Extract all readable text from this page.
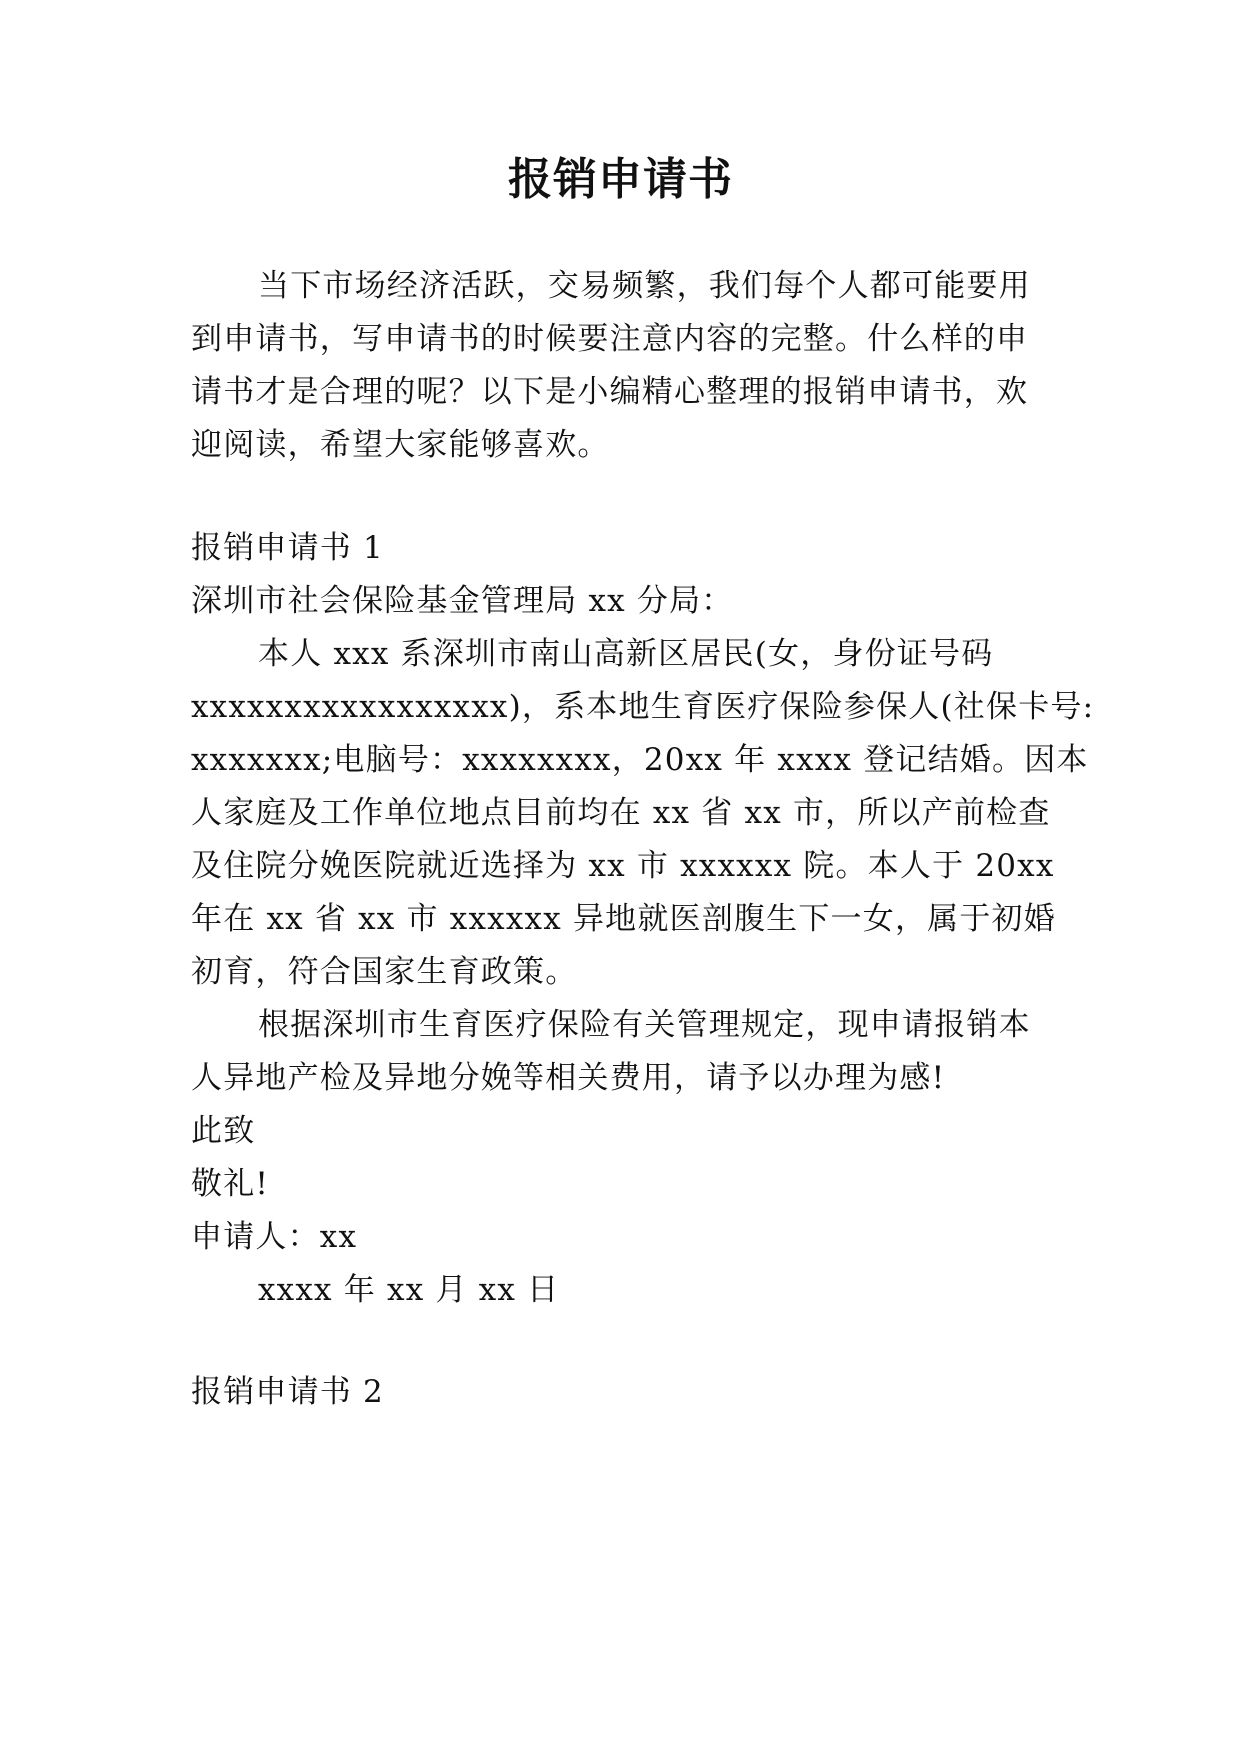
报销申请书
当下市场经济活跃，交易频繁，我们每个人都可能要用
到申请书，写申请书的时候要注意内容的完整。什么样的申
请书才是合理的呢？以下是小编精心整理的报销申请书，欢
迎阅读，希望大家能够喜欢。
报销申请书 1
深圳市社会保险基金管理局 xx 分局：
本人 xxx 系深圳市南山高新区居民(女，身份证号码
xxxxxxxxxxxxxxxxx)，系本地生育医疗保险参保人(社保卡号:
xxxxxxx;电脑号：xxxxxxxx，20xx 年 xxxx 登记结婚。因本
人家庭及工作单位地点目前均在 xx 省 xx 市，所以产前检查
及住院分娩医院就近选择为 xx 市 xxxxxx 院。本人于 20xx
年在 xx 省 xx 市 xxxxxx 异地就医剖腹生下一女，属于初婚
初育，符合国家生育政策。
根据深圳市生育医疗保险有关管理规定，现申请报销本
人异地产检及异地分娩等相关费用，请予以办理为感!
此致
敬礼!
申请人：xx
xxxx 年 xx 月 xx 日
报销申请书 2
